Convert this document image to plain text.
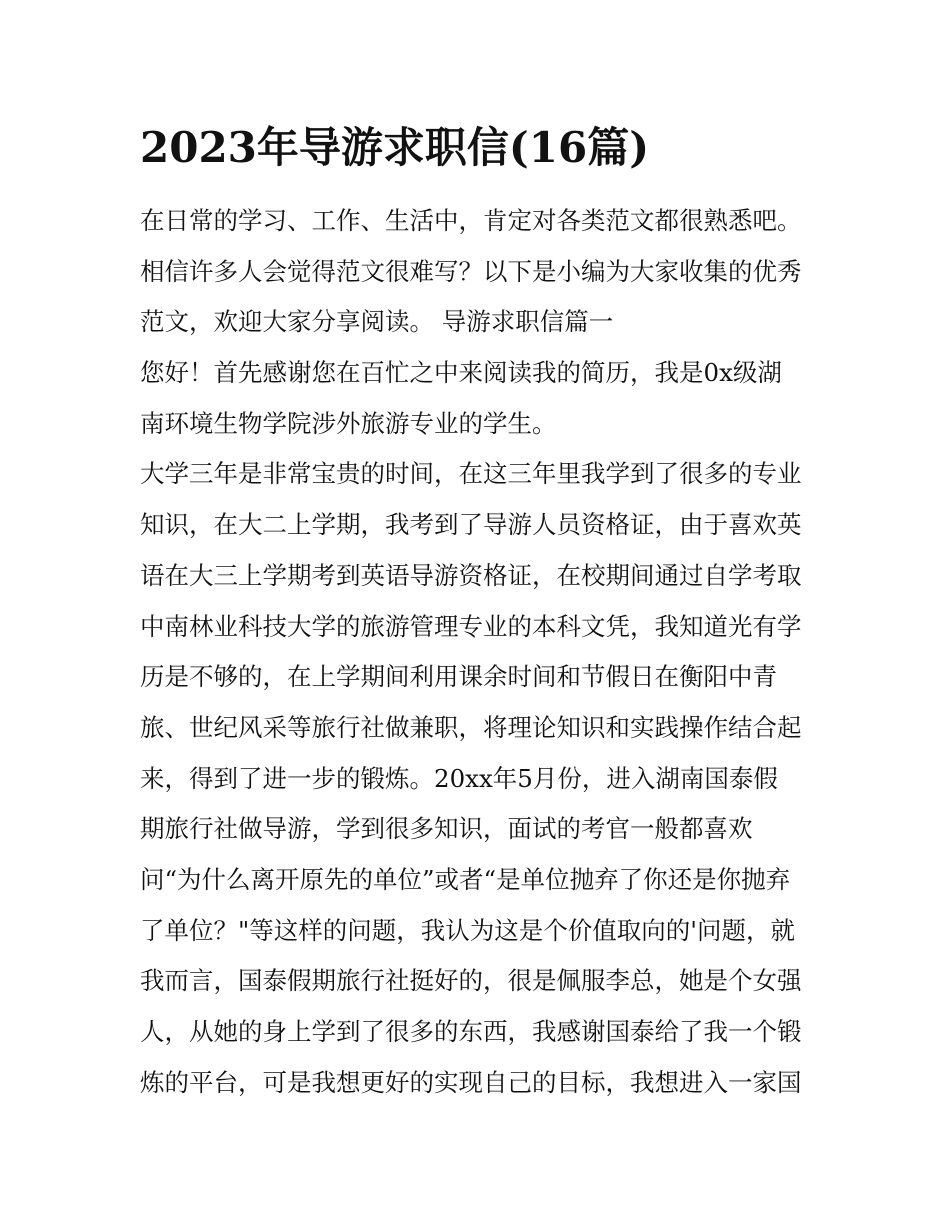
2023年导游求职信(16篇)

在日常的学习、工作、生活中，肯定对各类范文都很熟悉吧。

相信许多人会觉得范文很难写？以下是小编为大家收集的优秀

范文，欢迎大家分享阅读。 导游求职信篇一

您好！首先感谢您在百忙之中来阅读我的简历，我是0x级湖

南环境生物学院涉外旅游专业的学生。

大学三年是非常宝贵的时间，在这三年里我学到了很多的专业

知识，在大二上学期，我考到了导游人员资格证，由于喜欢英

语在大三上学期考到英语导游资格证，在校期间通过自学考取

中南林业科技大学的旅游管理专业的本科文凭，我知道光有学

历是不够的，在上学期间利用课余时间和节假日在衡阳中青

旅、世纪风采等旅行社做兼职，将理论知识和实践操作结合起

来，得到了进一步的锻炼。20xx年5月份，进入湖南国泰假

期旅行社做导游，学到很多知识，面试的考官一般都喜欢

问“为什么离开原先的单位”或者“是单位抛弃了你还是你抛弃

了单位？"等这样的问题，我认为这是个价值取向的'问题，就

我而言，国泰假期旅行社挺好的，很是佩服李总，她是个女强

人，从她的身上学到了很多的东西，我感谢国泰给了我一个锻

炼的平台，可是我想更好的实现自己的目标，我想进入一家国
